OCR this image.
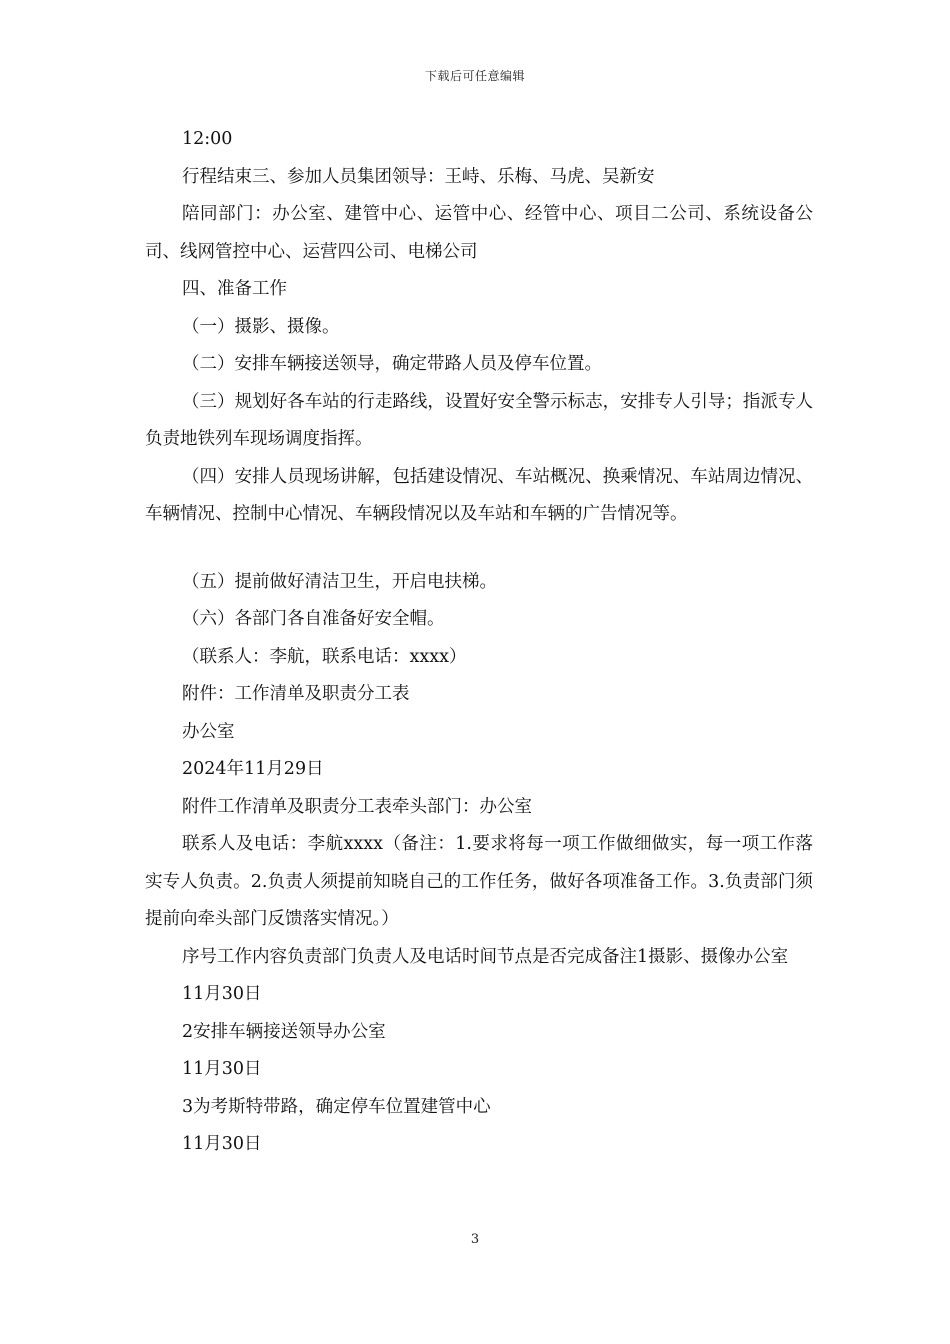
下载后可任意编辑

12:00

行程结束三、参加人员集团领导：王峙、乐梅、马虎、吴新安

陪同部门：办公室、建管中心、运管中心、经管中心、项目二公司、系统设备公司、线网管控中心、运营四公司、电梯公司

四、准备工作

（一）摄影、摄像。

（二）安排车辆接送领导，确定带路人员及停车位置。

（三）规划好各车站的行走路线，设置好安全警示标志，安排专人引导；指派专人负责地铁列车现场调度指挥。

（四）安排人员现场讲解，包括建设情况、车站概况、换乘情况、车站周边情况、车辆情况、控制中心情况、车辆段情况以及车站和车辆的广告情况等。

（五）提前做好清洁卫生，开启电扶梯。

（六）各部门各自准备好安全帽。

（联系人：李航，联系电话：xxxx）

附件：工作清单及职责分工表

办公室

2024年11月29日

附件工作清单及职责分工表牵头部门：办公室

联系人及电话：李航xxxx（备注：1.要求将每一项工作做细做实，每一项工作落实专人负责。2.负责人须提前知晓自己的工作任务，做好各项准备工作。3.负责部门须提前向牵头部门反馈落实情况。）

序号工作内容负责部门负责人及电话时间节点是否完成备注1摄影、摄像办公室

11月30日

2安排车辆接送领导办公室

11月30日

3为考斯特带路，确定停车位置建管中心

11月30日

3
